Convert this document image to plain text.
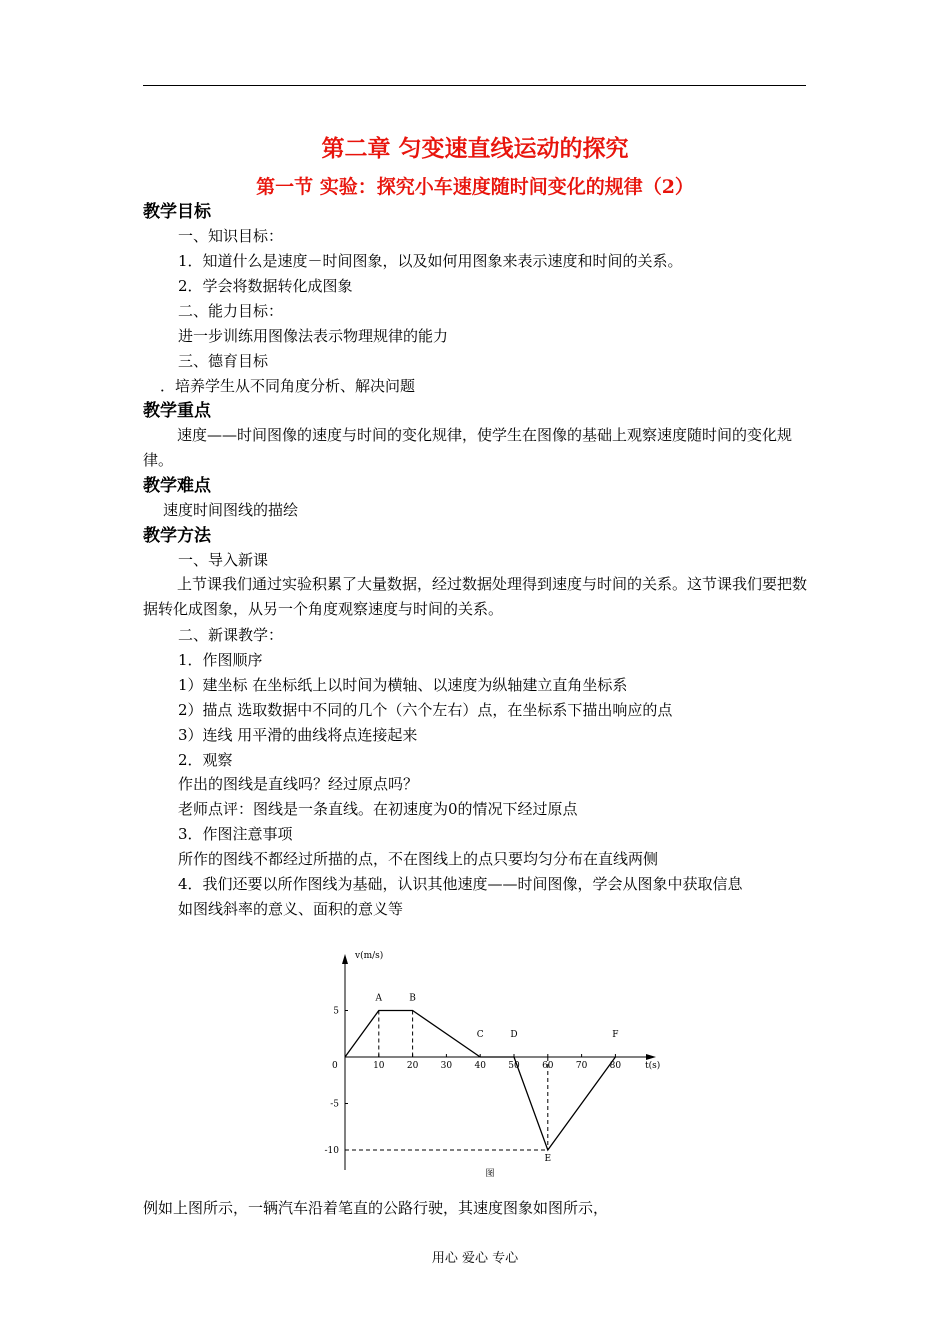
第二章 匀变速直线运动的探究
第一节 实验：探究小车速度随时间变化的规律（2）
教学目标
一、知识目标：
1．知道什么是速度－时间图象，以及如何用图象来表示速度和时间的关系。
2．学会将数据转化成图象
二、能力目标：
进一步训练用图像法表示物理规律的能力
三、德育目标
．培养学生从不同角度分析、解决问题
教学重点
速度——时间图像的速度与时间的变化规律，使学生在图像的基础上观察速度随时间的变化规律。
教学难点
速度时间图线的描绘
教学方法
一、导入新课
上节课我们通过实验积累了大量数据，经过数据处理得到速度与时间的关系。这节课我们要把数据转化成图象，从另一个角度观察速度与时间的关系。
二、新课教学：
1．作图顺序
1）建坐标 在坐标纸上以时间为横轴、以速度为纵轴建立直角坐标系
2）描点 选取数据中不同的几个（六个左右）点，在坐标系下描出响应的点
3）连线 用平滑的曲线将点连接起来
2．观察
作出的图线是直线吗？经过原点吗？
老师点评：图线是一条直线。在初速度为0的情况下经过原点
3．作图注意事项
所作的图线不都经过所描的点，不在图线上的点只要均匀分布在直线两侧
4．我们还要以所作图线为基础，认识其他速度——时间图像，学会从图象中获取信息
如图线斜率的意义、面积的意义等
v(m/s)
t(s)
0	10 20 30 40 50 60 70 80
5
-5
-10
A	B
C	D
E
F
图
例如上图所示，一辆汽车沿着笔直的公路行驶，其速度图象如图所示，
用心 爱心 专心
